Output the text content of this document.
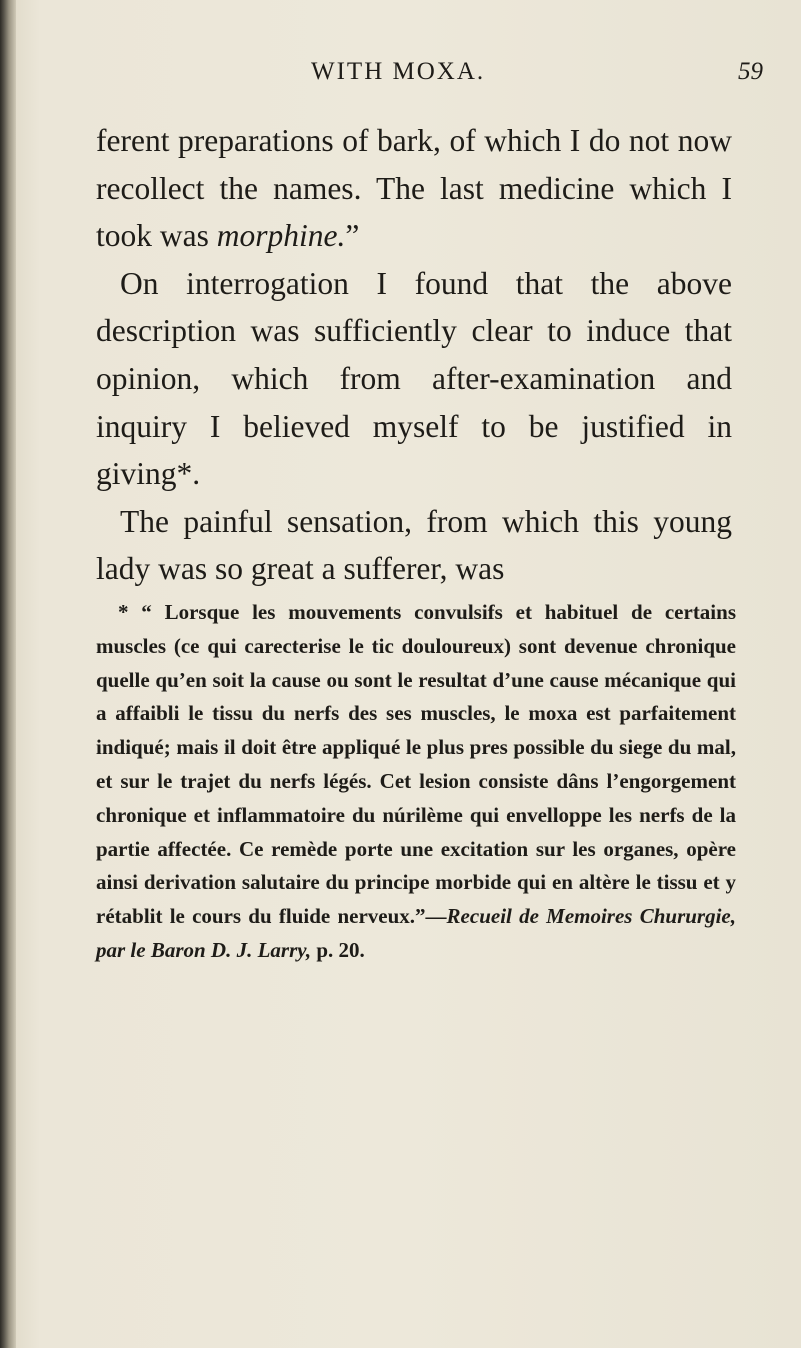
WITH MOXA.	59

ferent preparations of bark, of which I do not now recollect the names. The last medicine which I took was morphine.”

On interrogation I found that the above description was sufficiently clear to induce that opinion, which from after-examination and inquiry I believed myself to be justified in giving*.

The painful sensation, from which this young lady was so great a sufferer, was

* “ Lorsque les mouvements convulsifs et habituel de certains muscles (ce qui carecterise le tic douloureux) sont devenue chronique quelle qu’en soit la cause ou sont le resultat d’une cause mécanique qui a affaibli le tissu du nerfs des ses muscles, le moxa est parfaitement indiqué; mais il doit être appliqué le plus pres possible du siege du mal, et sur le trajet du nerfs légés. Cet lesion consiste dâns l’engorgement chronique et inflammatoire du núrilème qui envelloppe les nerfs de la partie affectée. Ce remède porte une excitation sur les organes, opère ainsi derivation salutaire du principe morbide qui en altère le tissu et y rétablit le cours du fluide nerveux.”—Recueil de Memoires Chururgie, par le Baron D. J. Larry, p. 20.
